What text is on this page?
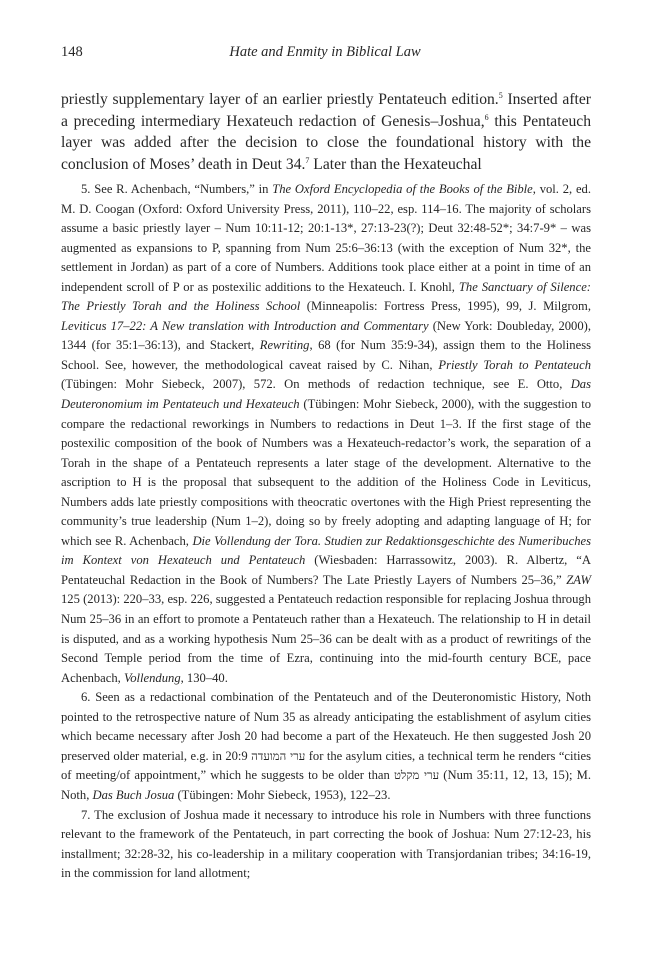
148	Hate and Enmity in Biblical Law

priestly supplementary layer of an earlier priestly Pentateuch edition.$^5$ Inserted after a preceding intermediary Hexateuch redaction of Genesis–Joshua,$^6$ this Pentateuch layer was added after the decision to close the foundational history with the conclusion of Moses’ death in Deut 34.$^7$ Later than the Hexateuchal

5. See R. Achenbach, “Numbers,” in The Oxford Encyclopedia of the Books of the Bible, vol. 2, ed. M. D. Coogan (Oxford: Oxford University Press, 2011), 110–22, esp. 114–16. The majority of scholars assume a basic priestly layer – Num 10:11-12; 20:1-13*, 27:13-23(?); Deut 32:48-52*; 34:7-9* – was augmented as expansions to P, spanning from Num 25:6–36:13 (with the exception of Num 32*, the settlement in Jordan) as part of a core of Numbers. Additions took place either at a point in time of an independent scroll of P or as postexilic additions to the Hexateuch. I. Knohl, The Sanctuary of Silence: The Priestly Torah and the Holiness School (Minneapolis: Fortress Press, 1995), 99, J. Milgrom, Leviticus 17–22: A New translation with Introduction and Commentary (New York: Doubleday, 2000), 1344 (for 35:1–36:13), and Stackert, Rewriting, 68 (for Num 35:9-34), assign them to the Holiness School. See, however, the methodological caveat raised by C. Nihan, Priestly Torah to Pentateuch (Tübingen: Mohr Siebeck, 2007), 572. On methods of redaction technique, see E. Otto, Das Deuteronomium im Pentateuch und Hexateuch (Tübingen: Mohr Siebeck, 2000), with the suggestion to compare the redactional reworkings in Numbers to redactions in Deut 1–3. If the first stage of the postexilic composition of the book of Numbers was a Hexateuch-redactor’s work, the separation of a Torah in the shape of a Pentateuch represents a later stage of the development. Alternative to the ascription to H is the proposal that subsequent to the addition of the Holiness Code in Leviticus, Numbers adds late priestly compositions with theocratic overtones with the High Priest representing the community’s true leadership (Num 1–2), doing so by freely adopting and adapting language of H; for which see R. Achenbach, Die Vollendung der Tora. Studien zur Redaktionsgeschichte des Numeribuches im Kontext von Hexateuch und Pentateuch (Wiesbaden: Harrassowitz, 2003). R. Albertz, “A Pentateuchal Redaction in the Book of Numbers? The Late Priestly Layers of Numbers 25–36,” ZAW 125 (2013): 220–33, esp. 226, suggested a Pentateuch redaction responsible for replacing Joshua through Num 25–36 in an effort to promote a Pentateuch rather than a Hexateuch. The relationship to H in detail is disputed, and as a working hypothesis Num 25–36 can be dealt with as a product of rewritings of the Second Temple period from the time of Ezra, continuing into the mid-fourth century BCE, pace Achenbach, Vollendung, 130–40.

6. Seen as a redactional combination of the Pentateuch and of the Deuteronomistic History, Noth pointed to the retrospective nature of Num 35 as already anticipating the establishment of asylum cities which became necessary after Josh 20 had become a part of the Hexateuch. He then suggested Josh 20 preserved older material, e.g. in 20:9 ערי המועדה for the asylum cities, a technical term he renders “cities of meeting/of appointment,” which he suggests to be older than ערי מקלט (Num 35:11, 12, 13, 15); M. Noth, Das Buch Josua (Tübingen: Mohr Siebeck, 1953), 122–23.

7. The exclusion of Joshua made it necessary to introduce his role in Numbers with three functions relevant to the framework of the Pentateuch, in part correcting the book of Joshua: Num 27:12-23, his installment; 32:28-32, his co-leadership in a military cooperation with Transjordanian tribes; 34:16-19, in the commission for land allotment;
